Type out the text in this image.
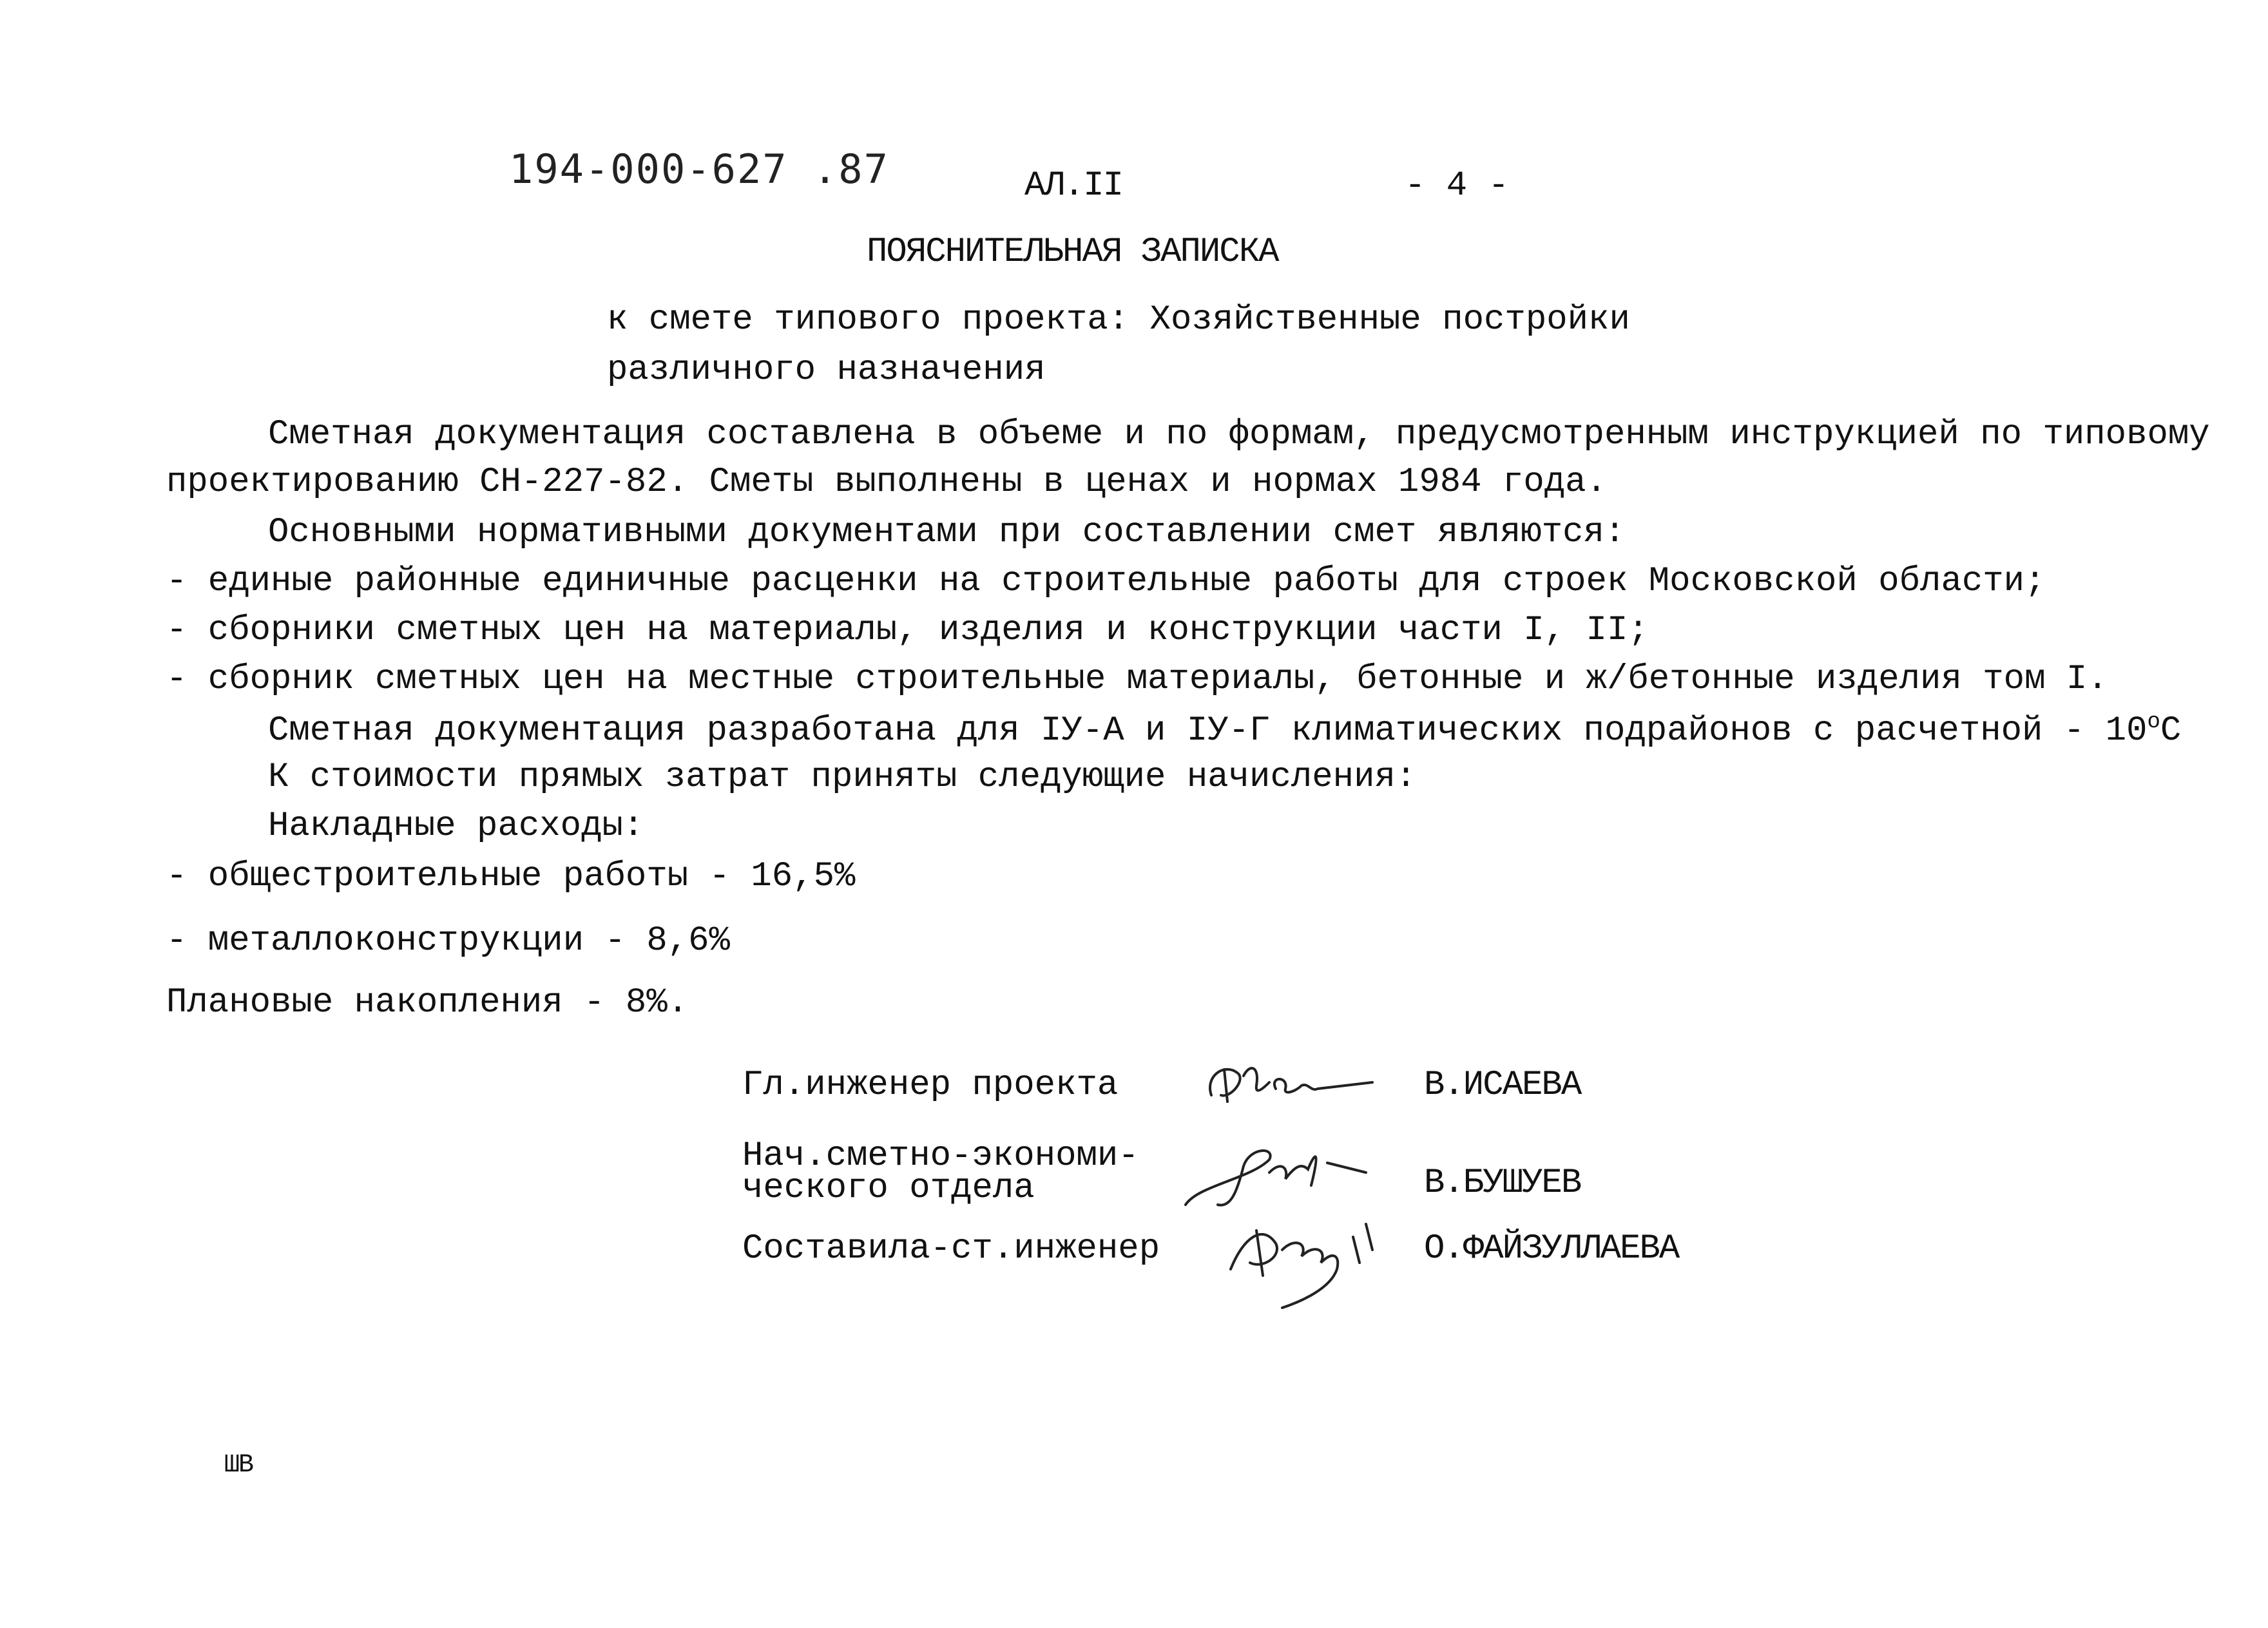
194-000-627 .87	АЛ.II	- 4 -
ПОЯСНИТЕЛЬНАЯ ЗАПИСКА
к смете типового проекта: Хозяйственные постройки
различного назначения
Сметная документация составлена в объеме и по формам, предусмотренным инструкцией по типовому
проектированию СН-227-82. Сметы выполнены в ценах и нормах 1984 года.
Основными нормативными документами при составлении смет являются:
- единые районные единичные расценки на строительные работы для строек Московской области;
- сборники сметных цен на материалы, изделия и конструкции части I, II;
- сборник сметных цен на местные строительные материалы, бетонные и ж/бетонные изделия том I.
Сметная документация разработана для IУ-А и IУ-Г климатических подрайонов с расчетной - $10^оС$
К стоимости прямых затрат приняты следующие начисления:
Накладные расходы:
- общестроительные работы - 16,5%
- металлоконструкции - 8,6%
Плановые накопления - 8%.
Гл.инженер проекта	В.ИСАЕВА
Нач.сметно-экономи-
ческого отдела	В.БУШУЕВ
Составила-ст.инженер	О.ФАЙЗУЛЛАЕВА
ШВ
